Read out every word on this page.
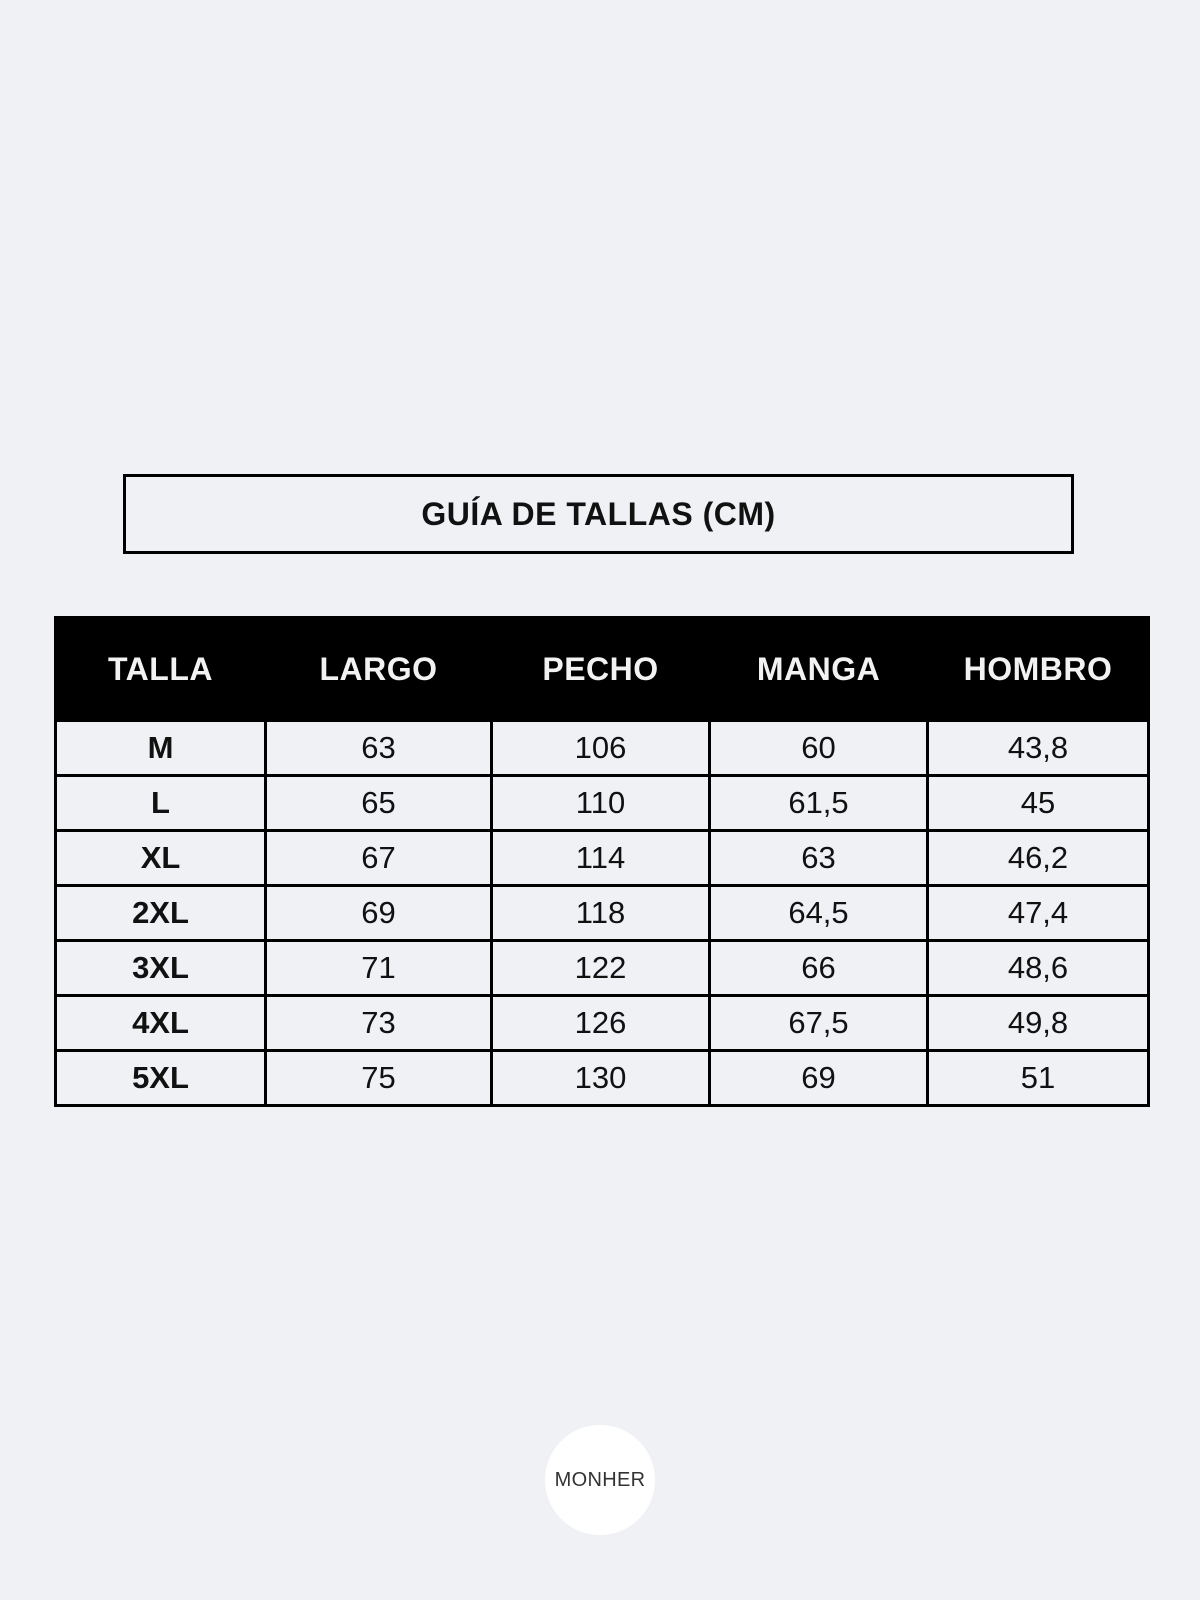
GUÍA DE TALLAS (CM)
TALLA	LARGO	PECHO	MANGA	HOMBRO
M	63	106	60	43,8
L	65	110	61,5	45
XL	67	114	63	46,2
2XL	69	118	64,5	47,4
3XL	71	122	66	48,6
4XL	73	126	67,5	49,8
5XL	75	130	69	51
MONHER
